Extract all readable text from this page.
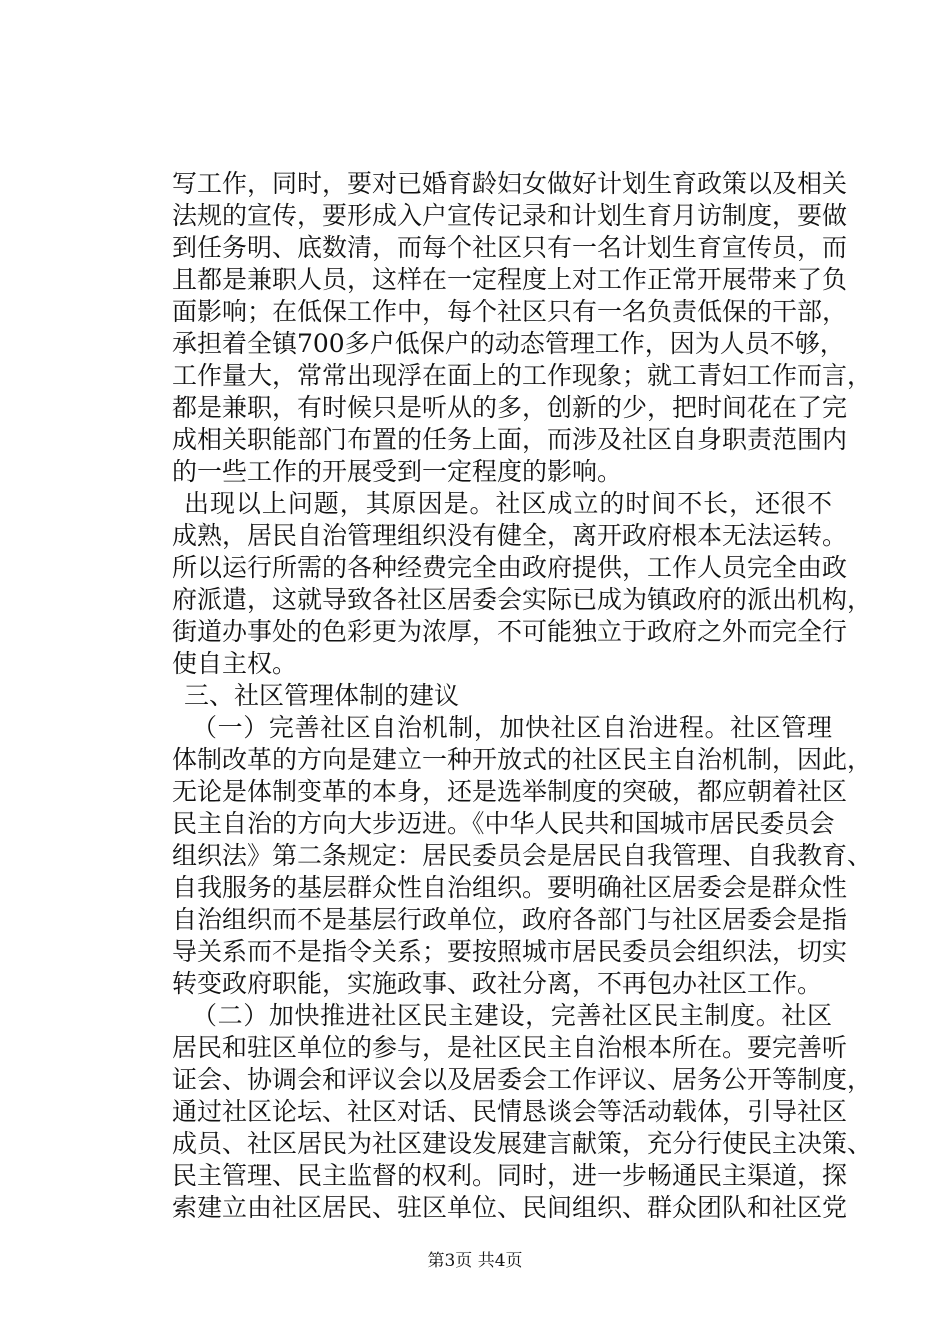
写工作，同时，要对已婚育龄妇女做好计划生育政策以及相关
法规的宣传，要形成入户宣传记录和计划生育月访制度，要做
到任务明、底数清，而每个社区只有一名计划生育宣传员，而
且都是兼职人员，这样在一定程度上对工作正常开展带来了负
面影响；在低保工作中，每个社区只有一名负责低保的干部，
承担着全镇700多户低保户的动态管理工作，因为人员不够，
工作量大，常常出现浮在面上的工作现象；就工青妇工作而言，
都是兼职，有时候只是听从的多，创新的少，把时间花在了完
成相关职能部门布置的任务上面，而涉及社区自身职责范围内
的一些工作的开展受到一定程度的影响。
出现以上问题，其原因是。社区成立的时间不长，还很不
成熟，居民自治管理组织没有健全，离开政府根本无法运转。
所以运行所需的各种经费完全由政府提供，工作人员完全由政
府派遣，这就导致各社区居委会实际已成为镇政府的派出机构，
街道办事处的色彩更为浓厚，不可能独立于政府之外而完全行
使自主权。
三、社区管理体制的建议
（一）完善社区自治机制，加快社区自治进程。社区管理
体制改革的方向是建立一种开放式的社区民主自治机制，因此，
无论是体制变革的本身，还是选举制度的突破，都应朝着社区
民主自治的方向大步迈进。《中华人民共和国城市居民委员会
组织法》第二条规定：居民委员会是居民自我管理、自我教育、
自我服务的基层群众性自治组织。要明确社区居委会是群众性
自治组织而不是基层行政单位，政府各部门与社区居委会是指
导关系而不是指令关系；要按照城市居民委员会组织法，切实
转变政府职能，实施政事、政社分离，不再包办社区工作。
（二）加快推进社区民主建设，完善社区民主制度。社区
居民和驻区单位的参与，是社区民主自治根本所在。要完善听
证会、协调会和评议会以及居委会工作评议、居务公开等制度，
通过社区论坛、社区对话、民情恳谈会等活动载体，引导社区
成员、社区居民为社区建设发展建言献策，充分行使民主决策、
民主管理、民主监督的权利。同时，进一步畅通民主渠道，探
索建立由社区居民、驻区单位、民间组织、群众团队和社区党
第3页 共4页
